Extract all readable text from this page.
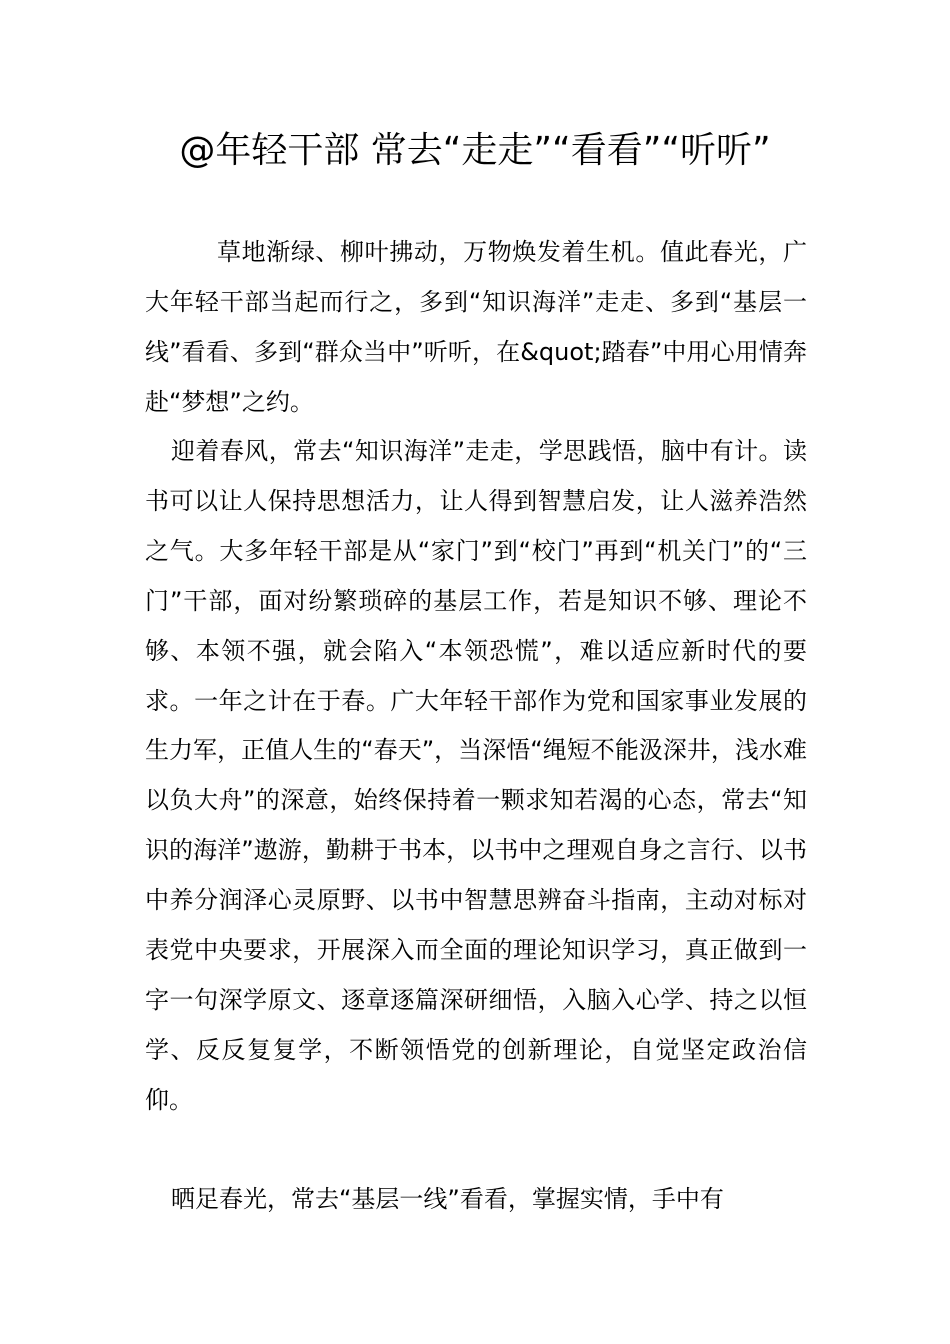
@年轻干部 常去“走走”“看看”“听听”

草地渐绿、柳叶拂动，万物焕发着生机。值此春光，广大年轻干部当起而行之，多到“知识海洋”走走、多到“基层一线”看看、多到“群众当中”听听，在&quot;踏春”中用心用情奔赴“梦想”之约。

迎着春风，常去“知识海洋”走走，学思践悟，脑中有计。读书可以让人保持思想活力，让人得到智慧启发，让人滋养浩然之气。大多年轻干部是从“家门”到“校门”再到“机关门”的“三门”干部，面对纷繁琐碎的基层工作，若是知识不够、理论不够、本领不强，就会陷入“本领恐慌”，难以适应新时代的要求。一年之计在于春。广大年轻干部作为党和国家事业发展的生力军，正值人生的“春天”，当深悟“绳短不能汲深井，浅水难以负大舟”的深意，始终保持着一颗求知若渴的心态，常去“知识的海洋”遨游，勤耕于书本，以书中之理观自身之言行、以书中养分润泽心灵原野、以书中智慧思辨奋斗指南，主动对标对表党中央要求，开展深入而全面的理论知识学习，真正做到一字一句深学原文、逐章逐篇深研细悟，入脑入心学、持之以恒学、反反复复学，不断领悟党的创新理论，自觉坚定政治信仰。

晒足春光，常去“基层一线”看看，掌握实情，手中有
